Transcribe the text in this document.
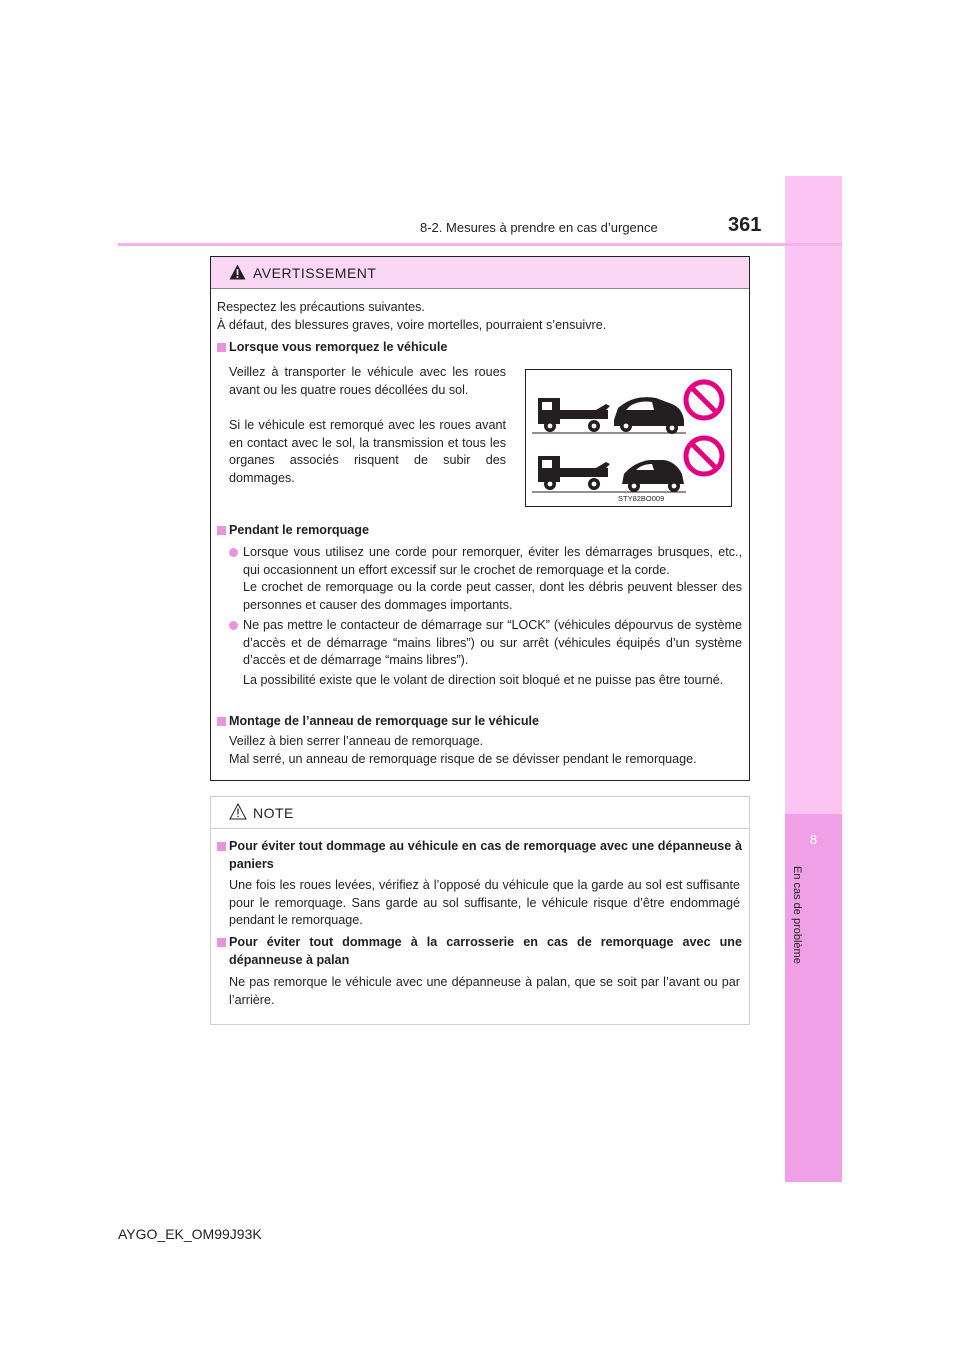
8
En cas de problème
8-2. Mesures à prendre en cas d’urgence	361
AVERTISSEMENT
Respectez les précautions suivantes.
À défaut, des blessures graves, voire mortelles, pourraient s’ensuivre.
Lorsque vous remorquez le véhicule
Veillez à transporter le véhicule avec les roues avant ou les quatre roues décollées du sol.
Si le véhicule est remorqué avec les roues avant en contact avec le sol, la transmission et tous les organes associés risquent de subir des dommages.
STY82BO009
Pendant le remorquage
Lorsque vous utilisez une corde pour remorquer, éviter les démarrages brusques, etc., qui occasionnent un effort excessif sur le crochet de remorquage et la corde.
Le crochet de remorquage ou la corde peut casser, dont les débris peuvent blesser des personnes et causer des dommages importants.
Ne pas mettre le contacteur de démarrage sur “LOCK” (véhicules dépourvus de système d’accès et de démarrage “mains libres”) ou sur arrêt (véhicules équipés d’un système d’accès et de démarrage “mains libres”).
La possibilité existe que le volant de direction soit bloqué et ne puisse pas être tourné.
Montage de l’anneau de remorquage sur le véhicule
Veillez à bien serrer l’anneau de remorquage.
Mal serré, un anneau de remorquage risque de se dévisser pendant le remorquage.
NOTE
Pour éviter tout dommage au véhicule en cas de remorquage avec une dépanneuse à paniers
Une fois les roues levées, vérifiez à l’opposé du véhicule que la garde au sol est suffisante pour le remorquage. Sans garde au sol suffisante, le véhicule risque d’être endommagé pendant le remorquage.
Pour éviter tout dommage à la carrosserie en cas de remorquage avec une dépanneuse à palan
Ne pas remorque le véhicule avec une dépanneuse à palan, que se soit par l’avant ou par l’arrière.
AYGO_EK_OM99J93K
